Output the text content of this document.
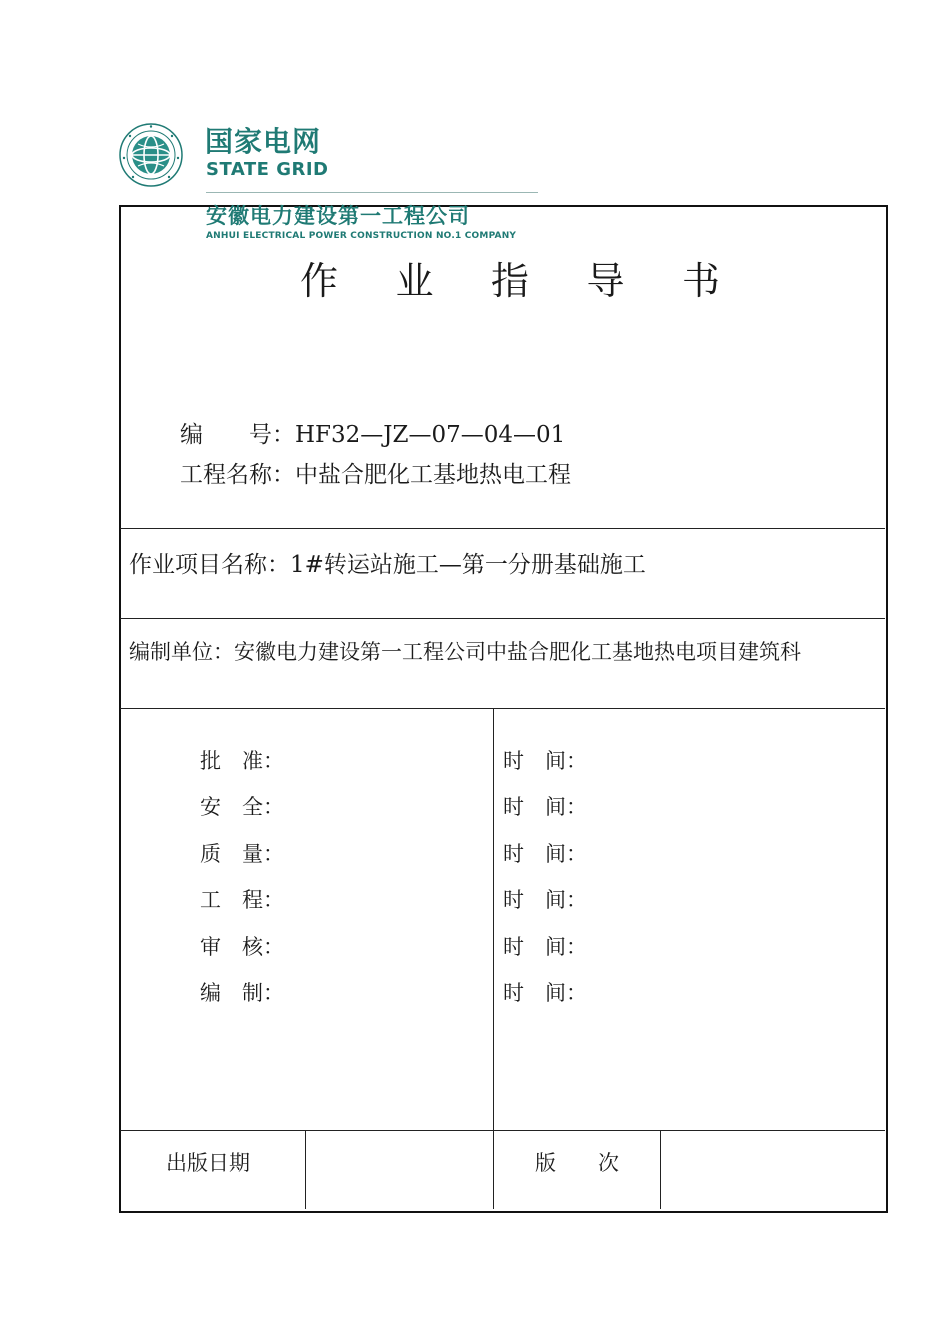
国家电网
STATE GRID
安徽电力建设第一工程公司
ANHUI ELECTRICAL POWER CONSTRUCTION NO.1 COMPANY
作 业 指 导 书
编　　号：HF32—JZ—07—04—01
工程名称：中盐合肥化工基地热电工程
作业项目名称：1#转运站施工—第一分册基础施工
编制单位：安徽电力建设第一工程公司中盐合肥化工基地热电项目建筑科
批　准：	时　间：
安　全：	时　间：
质　量：	时　间：
工　程：	时　间：
审　核：	时　间：
编　制：	时　间：
出版日期	版　　次
